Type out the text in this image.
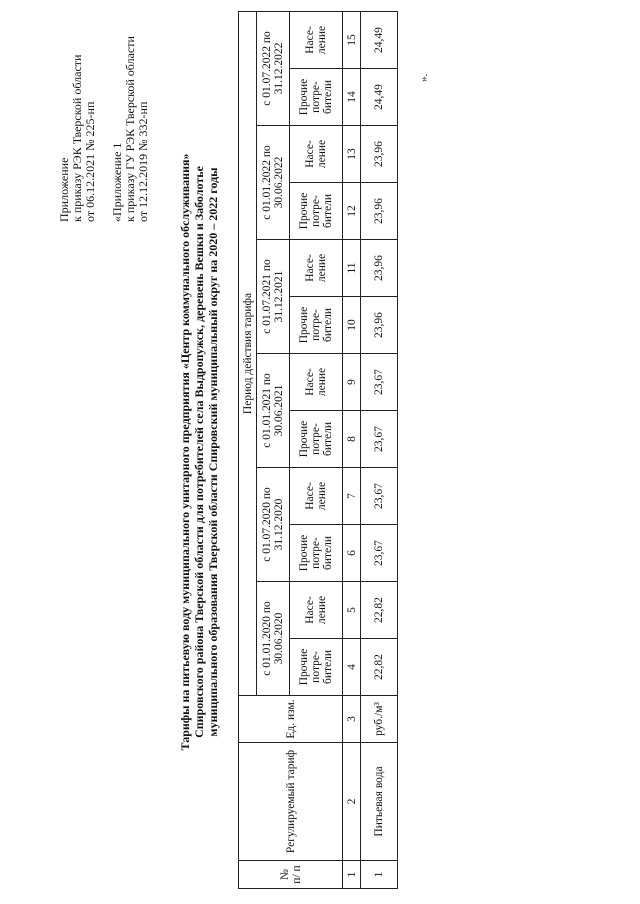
Приложение к приказу РЭК Тверской области от 06.12.2021 № 225-нп «Приложение 1 к приказу ГУ РЭК Тверской области от 12.12.2019 № 332-нп Тарифы на питьевую воду муниципального унитарного предприятия «Центр коммунального обслуживания» Спировского района Тверской области для потребителей села Выдропужск, деревень Вешки и Заболотье муниципального образования Тверской области Спировский муниципальный округ на 2020 – 2022 годы
№ п/ п	Регулируемый тариф	Ед. изм.	Период действия тарифа											
			с 01.01.2020 по 30.06.2020		с 01.07.2020 по 31.12.2020		с 01.01.2021 по 30.06.2021		с 01.07.2021 по 31.12.2021		с 01.01.2022 по 30.06.2022		с 01.07.2022 по 31.12.2022	
			Прочие потре-бители	Насе-ление	Прочие потре-бители	Насе-ление	Прочие потре-бители	Насе-ление	Прочие потре-бители	Насе-ление	Прочие потре-бители	Насе-ление	Прочие потре-бители	Насе-ление
1	2	3	4	5	6	7	8	9	10	11	12	13	14	15
1	Питьевая вода	руб./м³	22,82	22,82	23,67	23,67	23,67	23,67	23,96	23,96	23,96	23,96	24,49	24,49
».
